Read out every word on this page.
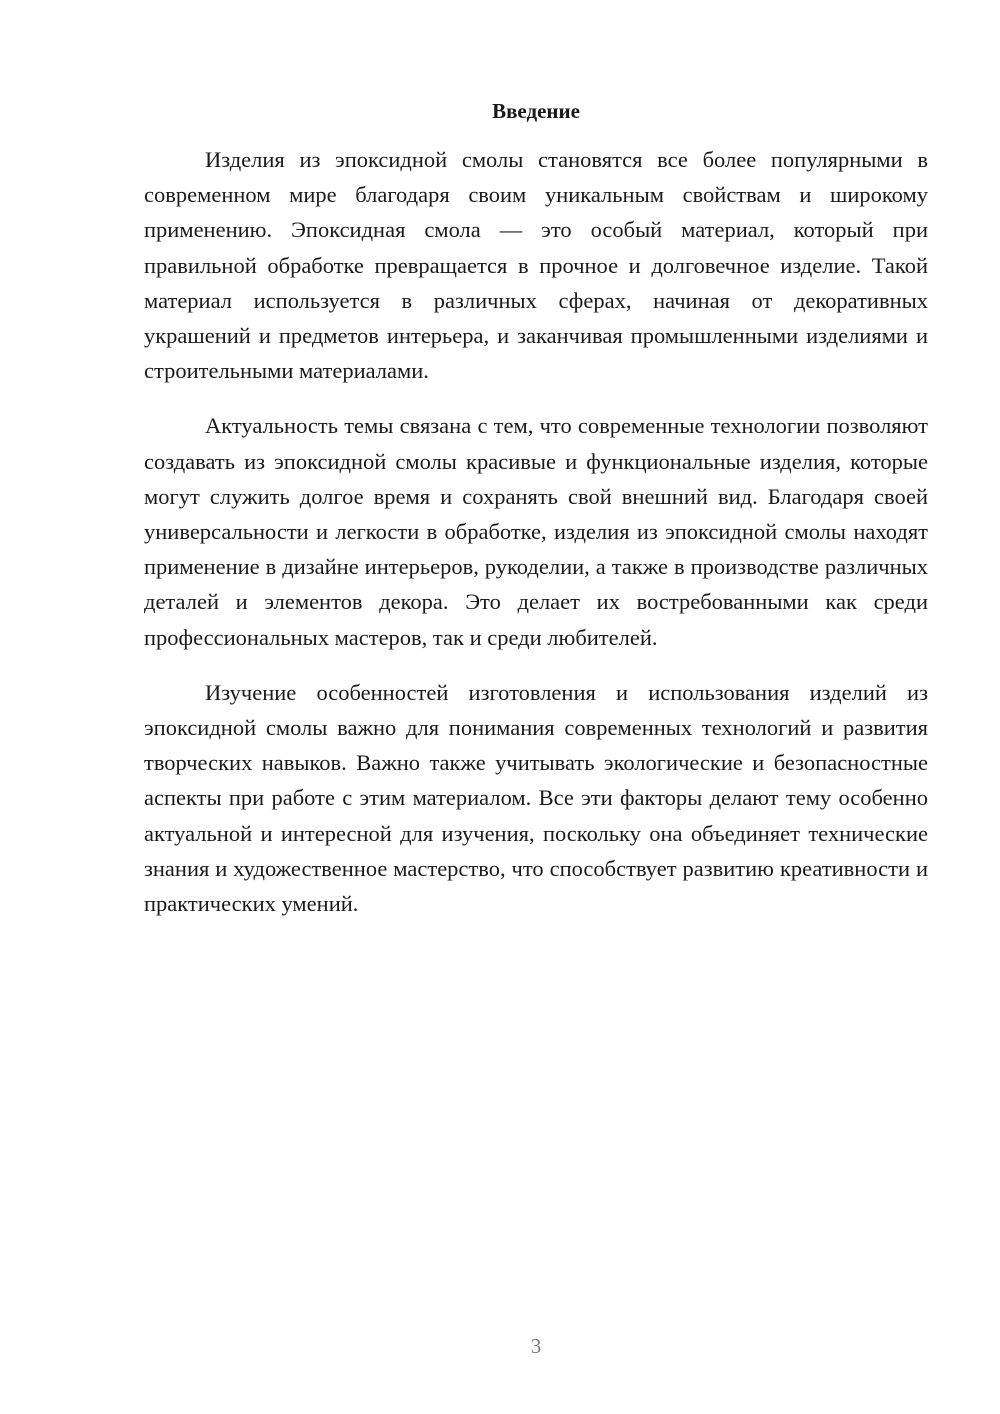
Введение

Изделия из эпоксидной смолы становятся все более популярными в современном мире благодаря своим уникальным свойствам и широкому применению. Эпоксидная смола — это особый материал, который при правильной обработке превращается в прочное и долговечное изделие. Такой материал используется в различных сферах, начиная от декоративных украшений и предметов интерьера, и заканчивая промышленными изделиями и строительными материалами.

Актуальность темы связана с тем, что современные технологии позволяют создавать из эпоксидной смолы красивые и функциональные изделия, которые могут служить долгое время и сохранять свой внешний вид. Благодаря своей универсальности и легкости в обработке, изделия из эпоксидной смолы находят применение в дизайне интерьеров, рукоделии, а также в производстве различных деталей и элементов декора. Это делает их востребованными как среди профессиональных мастеров, так и среди любителей.

Изучение особенностей изготовления и использования изделий из эпоксидной смолы важно для понимания современных технологий и развития творческих навыков. Важно также учитывать экологические и безопасностные аспекты при работе с этим материалом. Все эти факторы делают тему особенно актуальной и интересной для изучения, поскольку она объединяет технические знания и художественное мастерство, что способствует развитию креативности и практических умений.

3
